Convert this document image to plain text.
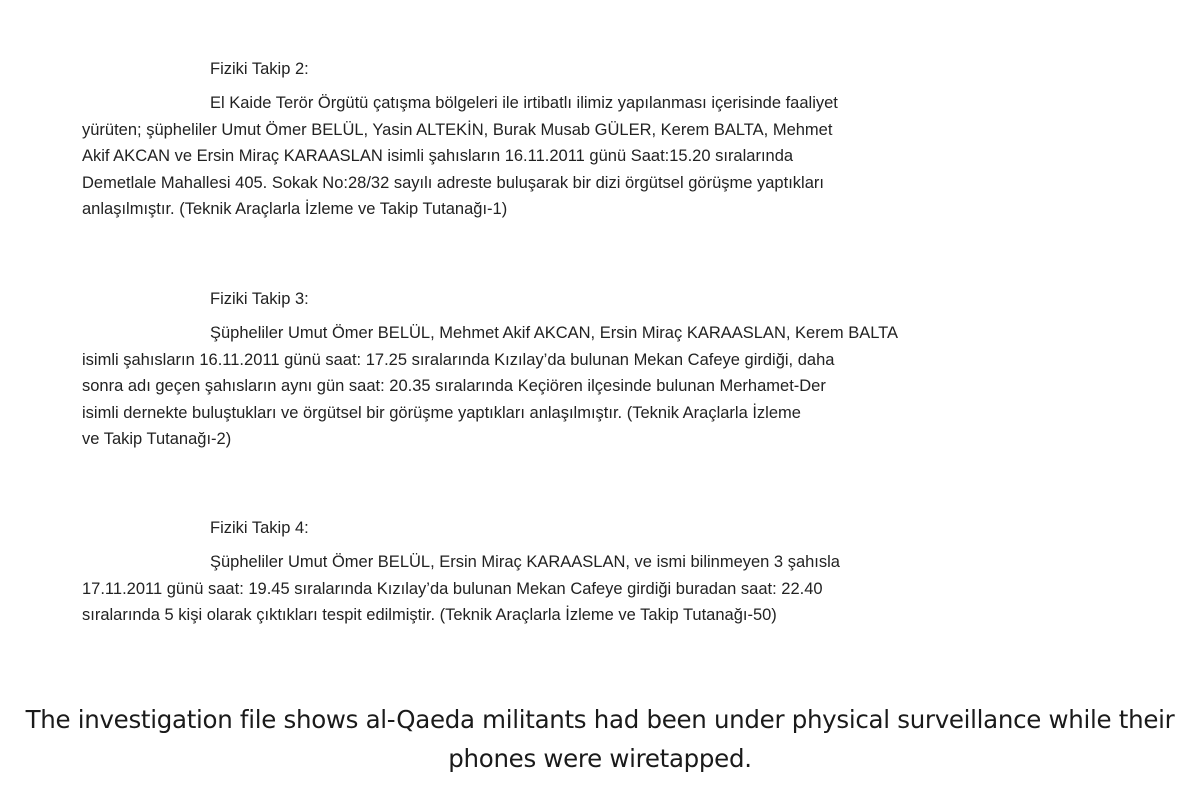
Fiziki Takip 2:

El Kaide Terör Örgütü çatışma bölgeleri ile irtibatlı ilimiz yapılanması içerisinde faaliyet
yürüten; şüpheliler Umut Ömer BELÜL, Yasin ALTEKİN, Burak Musab GÜLER, Kerem BALTA, Mehmet
Akif AKCAN ve Ersin Miraç KARAASLAN isimli şahısların 16.11.2011 günü Saat:15.20 sıralarında
Demetlale Mahallesi 405. Sokak No:28/32 sayılı adreste buluşarak bir dizi örgütsel görüşme yaptıkları
anlaşılmıştır. (Teknik Araçlarla İzleme ve Takip Tutanağı-1)

Fiziki Takip 3:

Şüpheliler Umut Ömer BELÜL, Mehmet Akif AKCAN, Ersin Miraç KARAASLAN, Kerem BALTA
isimli şahısların 16.11.2011 günü saat: 17.25 sıralarında Kızılay’da bulunan Mekan Cafeye girdiği, daha
sonra adı geçen şahısların aynı gün saat: 20.35 sıralarında Keçiören ilçesinde bulunan Merhamet-Der
isimli dernekte buluştukları ve örgütsel bir görüşme yaptıkları anlaşılmıştır. (Teknik Araçlarla İzleme
ve Takip Tutanağı-2)

Fiziki Takip 4:

Şüpheliler Umut Ömer BELÜL, Ersin Miraç KARAASLAN, ve ismi bilinmeyen 3 şahısla
17.11.2011 günü saat: 19.45 sıralarında Kızılay’da bulunan Mekan Cafeye girdiği buradan saat: 22.40
sıralarında 5 kişi olarak çıktıkları tespit edilmiştir. (Teknik Araçlarla İzleme ve Takip Tutanağı-50)

The investigation file shows al-Qaeda militants had been under physical surveillance while their
phones were wiretapped.
